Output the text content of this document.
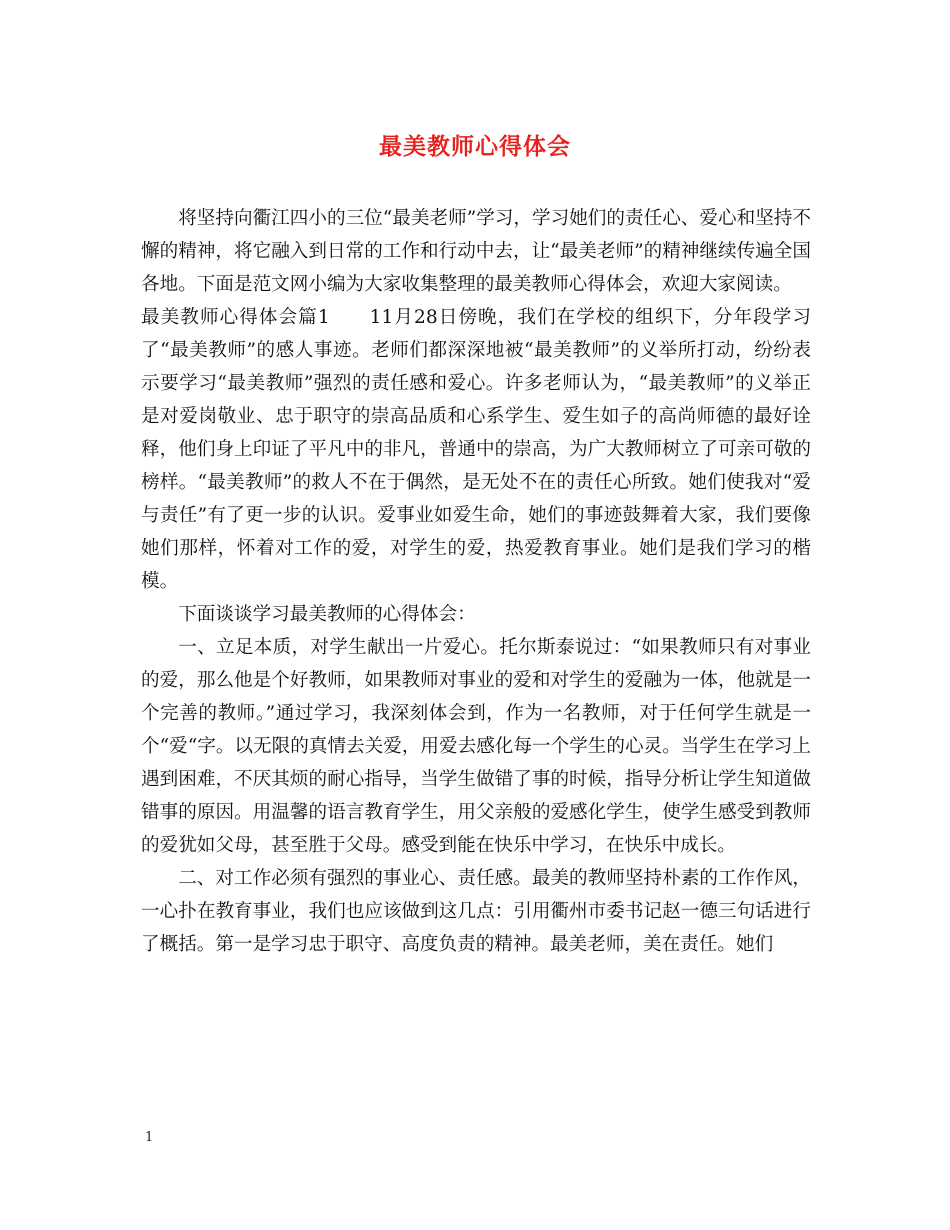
最美教师心得体会

将坚持向衢江四小的三位“最美老师”学习，学习她们的责任心、爱心和坚持不懈的精神，将它融入到日常的工作和行动中去，让“最美老师”的精神继续传遍全国各地。下面是范文网小编为大家收集整理的最美教师心得体会，欢迎大家阅读。

最美教师心得体会篇1 11月28日傍晚，我们在学校的组织下，分年段学习了“最美教师”的感人事迹。老师们都深深地被“最美教师”的义举所打动，纷纷表示要学习“最美教师”强烈的责任感和爱心。许多老师认为，“最美教师”的义举正是对爱岗敬业、忠于职守的崇高品质和心系学生、爱生如子的高尚师德的最好诠释，他们身上印证了平凡中的非凡，普通中的崇高，为广大教师树立了可亲可敬的榜样。“最美教师”的救人不在于偶然，是无处不在的责任心所致。她们使我对“爱与责任”有了更一步的认识。爱事业如爱生命，她们的事迹鼓舞着大家，我们要像她们那样，怀着对工作的爱，对学生的爱，热爱教育事业。她们是我们学习的楷模。

下面谈谈学习最美教师的心得体会：

一、立足本质，对学生献出一片爱心。托尔斯泰说过：“如果教师只有对事业的爱，那么他是个好教师，如果教师对事业的爱和对学生的爱融为一体，他就是一个完善的教师。”通过学习，我深刻体会到，作为一名教师，对于任何学生就是一个“爱“字。以无限的真情去关爱，用爱去感化每一个学生的心灵。当学生在学习上遇到困难，不厌其烦的耐心指导，当学生做错了事的时候，指导分析让学生知道做错事的原因。用温馨的语言教育学生，用父亲般的爱感化学生，使学生感受到教师的爱犹如父母，甚至胜于父母。感受到能在快乐中学习，在快乐中成长。

二、对工作必须有强烈的事业心、责任感。最美的教师坚持朴素的工作作风，一心扑在教育事业，我们也应该做到这几点：引用衢州市委书记赵一德三句话进行了概括。第一是学习忠于职守、高度负责的精神。最美老师，美在责任。她们

1
